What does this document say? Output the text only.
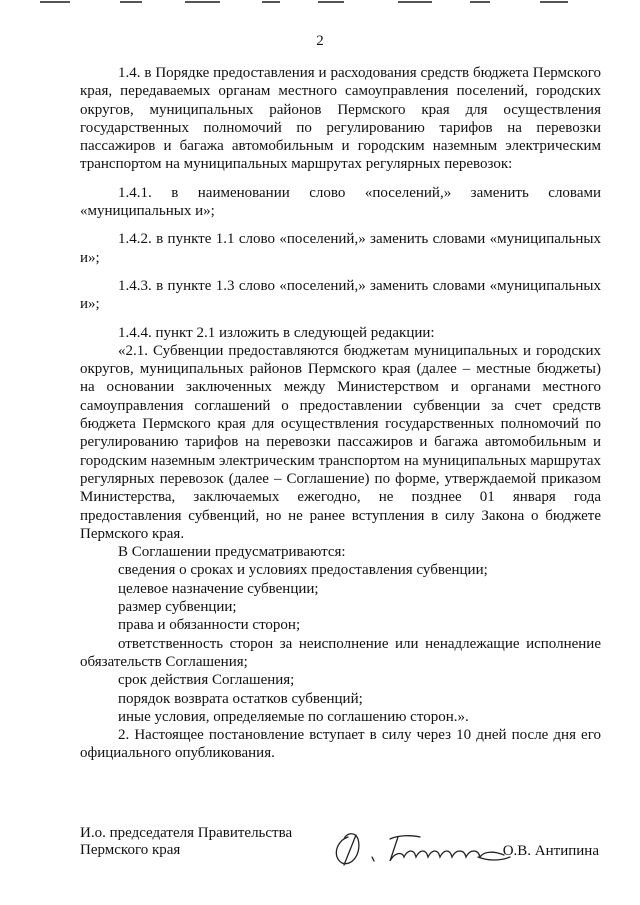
2

1.4. в Порядке предоставления и расходования средств бюджета Пермского края, передаваемых органам местного самоуправления поселений, городских округов, муниципальных районов Пермского края для осуществления государственных полномочий по регулированию тарифов на перевозки пассажиров и багажа автомобильным и городским наземным электрическим транспортом на муниципальных маршрутах регулярных перевозок:

1.4.1. в наименовании слово «поселений,» заменить словами «муниципальных и»;

1.4.2. в пункте 1.1 слово «поселений,» заменить словами «муниципальных и»;

1.4.3. в пункте 1.3 слово «поселений,» заменить словами «муниципальных и»;

1.4.4. пункт 2.1 изложить в следующей редакции:

«2.1. Субвенции предоставляются бюджетам муниципальных и городских округов, муниципальных районов Пермского края (далее – местные бюджеты) на основании заключенных между Министерством и органами местного самоуправления соглашений о предоставлении субвенции за счет средств бюджета Пермского края для осуществления государственных полномочий по регулированию тарифов на перевозки пассажиров и багажа автомобильным и городским наземным электрическим транспортом на муниципальных маршрутах регулярных перевозок (далее – Соглашение) по форме, утверждаемой приказом Министерства, заключаемых ежегодно, не позднее 01 января года предоставления субвенций, но не ранее вступления в силу Закона о бюджете Пермского края.

В Соглашении предусматриваются:

сведения о сроках и условиях предоставления субвенции;

целевое назначение субвенции;

размер субвенции;

права и обязанности сторон;

ответственность сторон за неисполнение или ненадлежащие исполнение обязательств Соглашения;

срок действия Соглашения;

порядок возврата остатков субвенций;

иные условия, определяемые по соглашению сторон.».

2. Настоящее постановление вступает в силу через 10 дней после дня его официального опубликования.

И.о. председателя Правительства
Пермского края	О.В. Антипина
